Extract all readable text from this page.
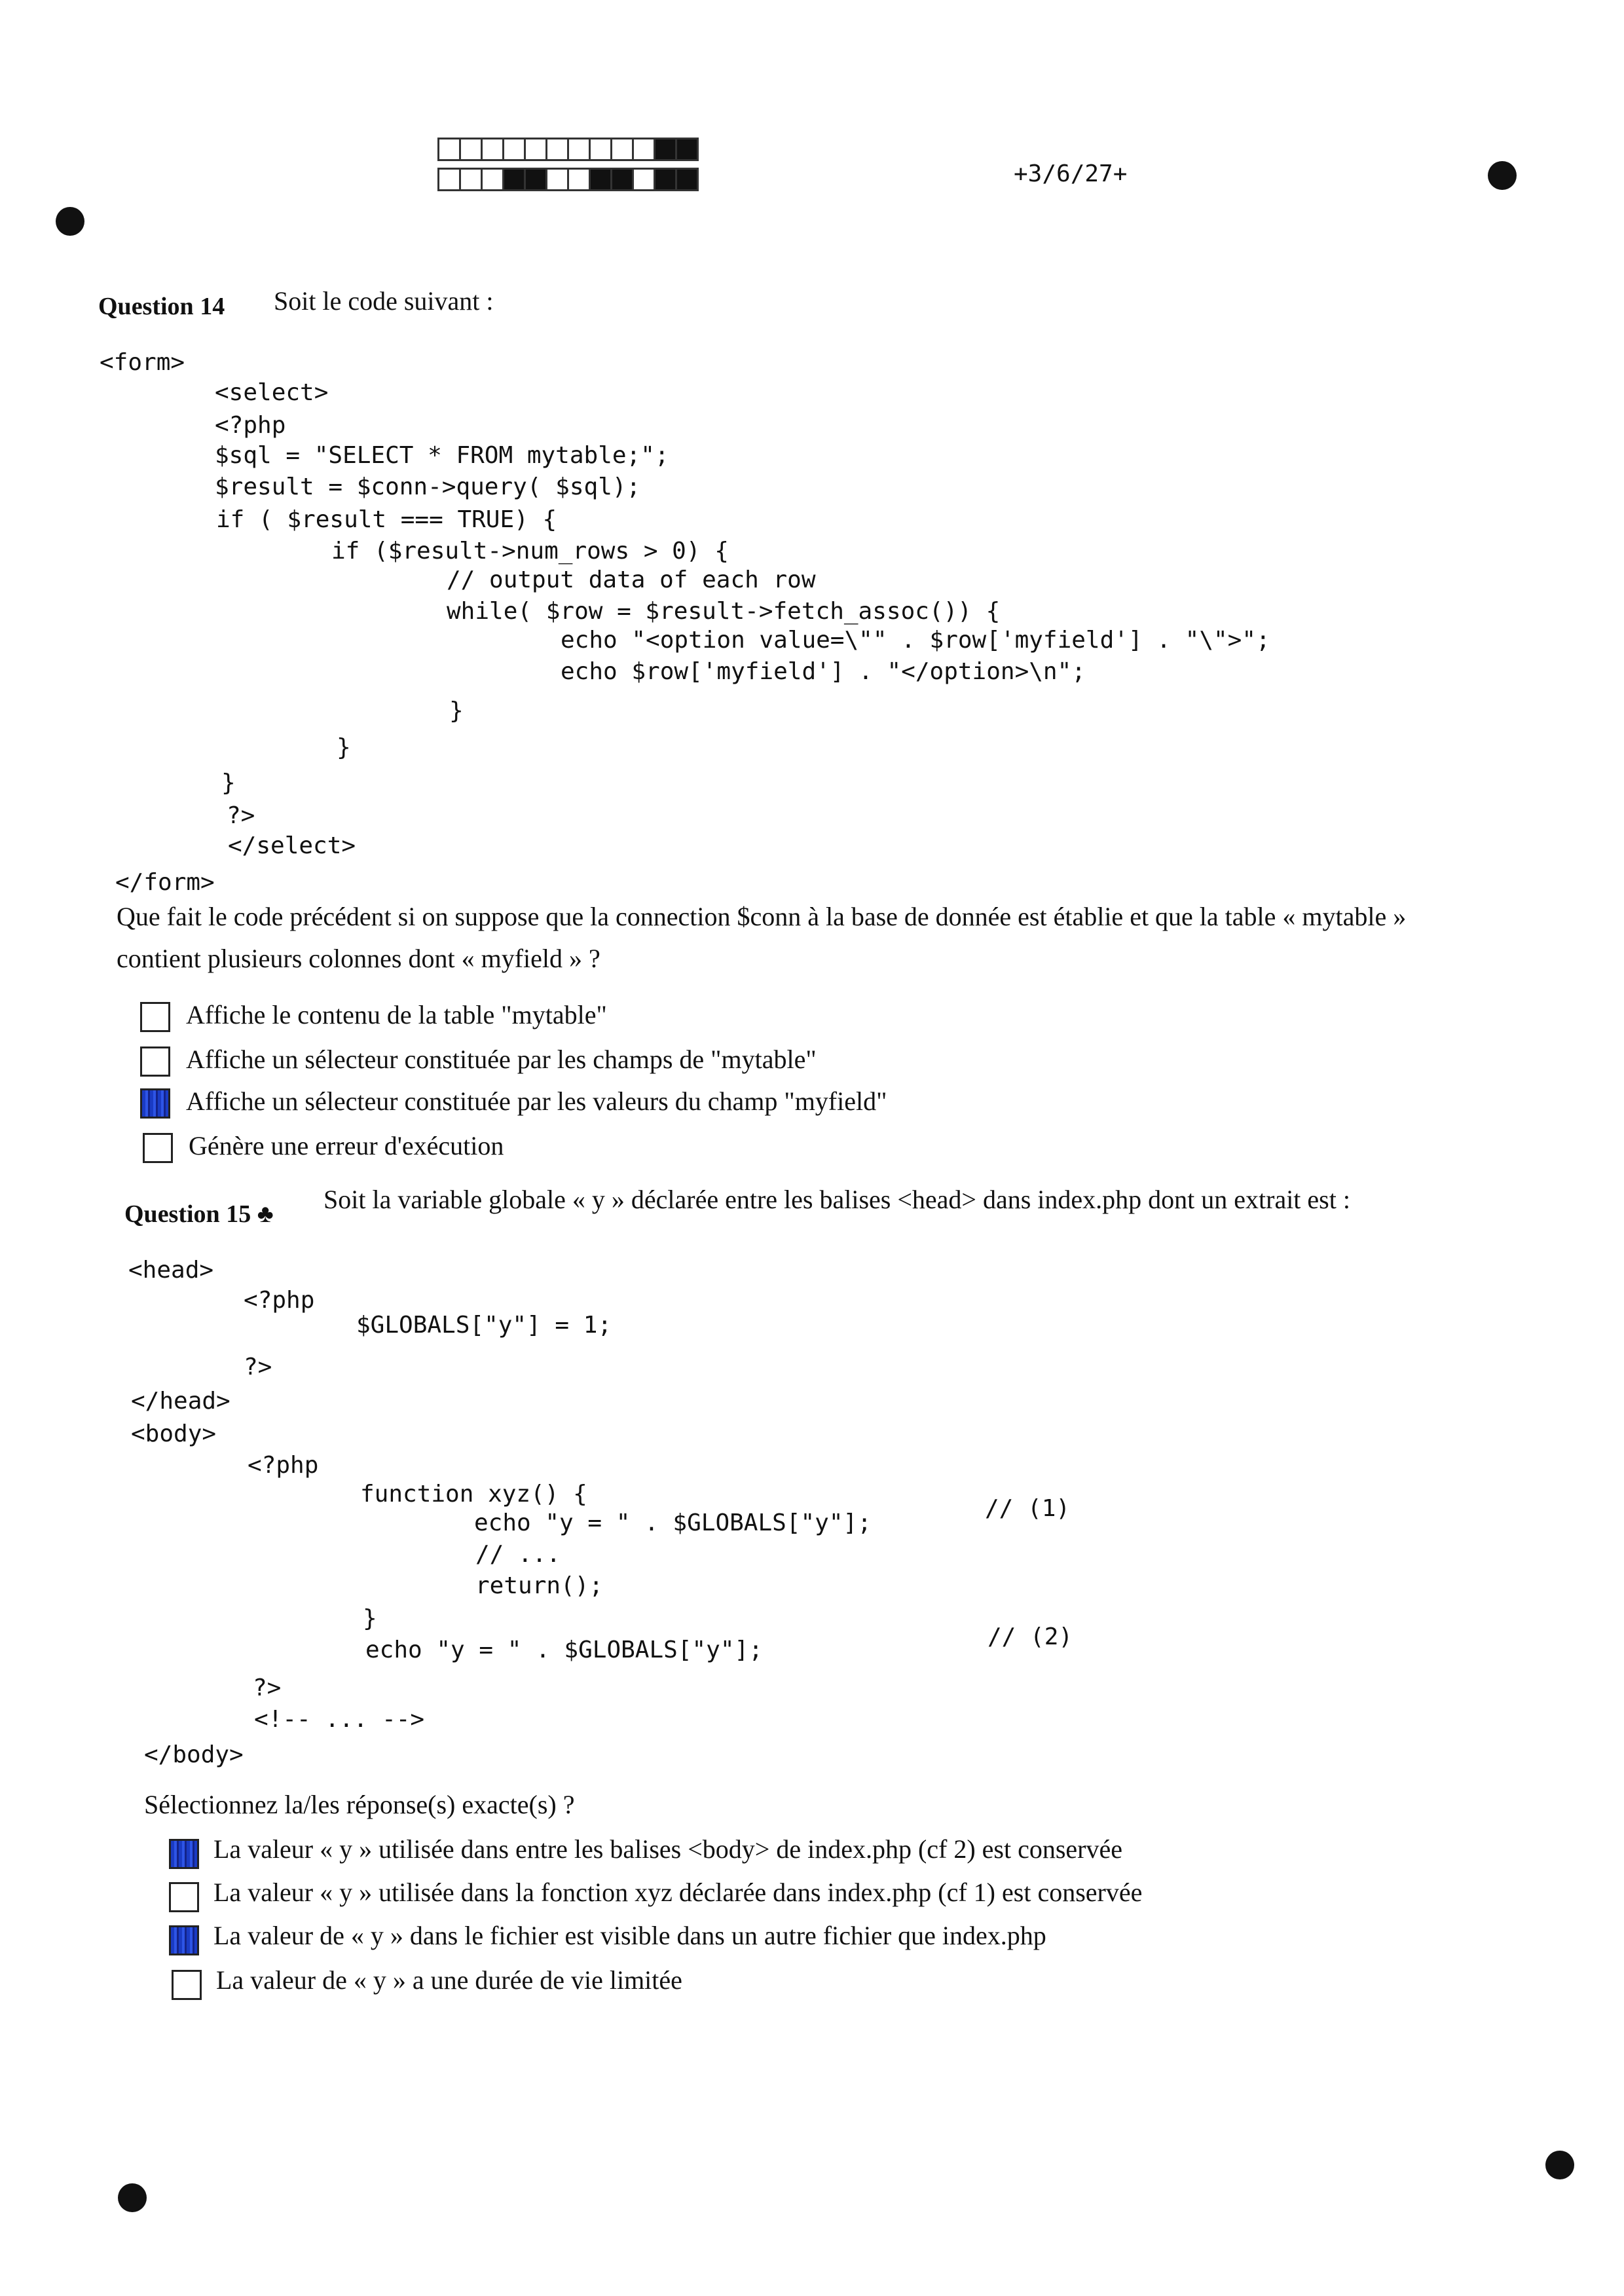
+3/6/27+
Question 14 Soit le code suivant :
<form>
<select>
<?php
$sql = "SELECT * FROM mytable;";
$result = $conn->query( $sql);
if ( $result === TRUE) {
if ($result->num_rows > 0) {
// output data of each row
while( $row = $result->fetch_assoc()) {
echo "<option value=\"" . $row['myfield'] . "\">";
echo $row['myfield'] . "</option>\n";
}
}
}
?>
</select>
</form>
Que fait le code précédent si on suppose que la connection $conn à la base de donnée est établie et que la table « mytable »
contient plusieurs colonnes dont « myfield » ?
Affiche le contenu de la table "mytable"
Affiche un sélecteur constituée par les champs de "mytable"
Affiche un sélecteur constituée par les valeurs du champ "myfield"
Génère une erreur d'exécution
Question 15 ♣ Soit la variable globale « y » déclarée entre les balises <head> dans index.php dont un extrait est :
<head>
<?php
$GLOBALS["y"] = 1;
?>
</head>
<body>
<?php
function xyz() {
echo "y = " . $GLOBALS["y"];
// (1)
// ...
return();
}
echo "y = " . $GLOBALS["y"];	// (2)
?>
<!-- ... -->
</body>
Sélectionnez la/les réponse(s) exacte(s) ?
La valeur « y » utilisée dans entre les balises <body> de index.php (cf 2) est conservée
La valeur « y » utilisée dans la fonction xyz déclarée dans index.php (cf 1) est conservée
La valeur de « y » dans le fichier est visible dans un autre fichier que index.php
La valeur de « y » a une durée de vie limitée
